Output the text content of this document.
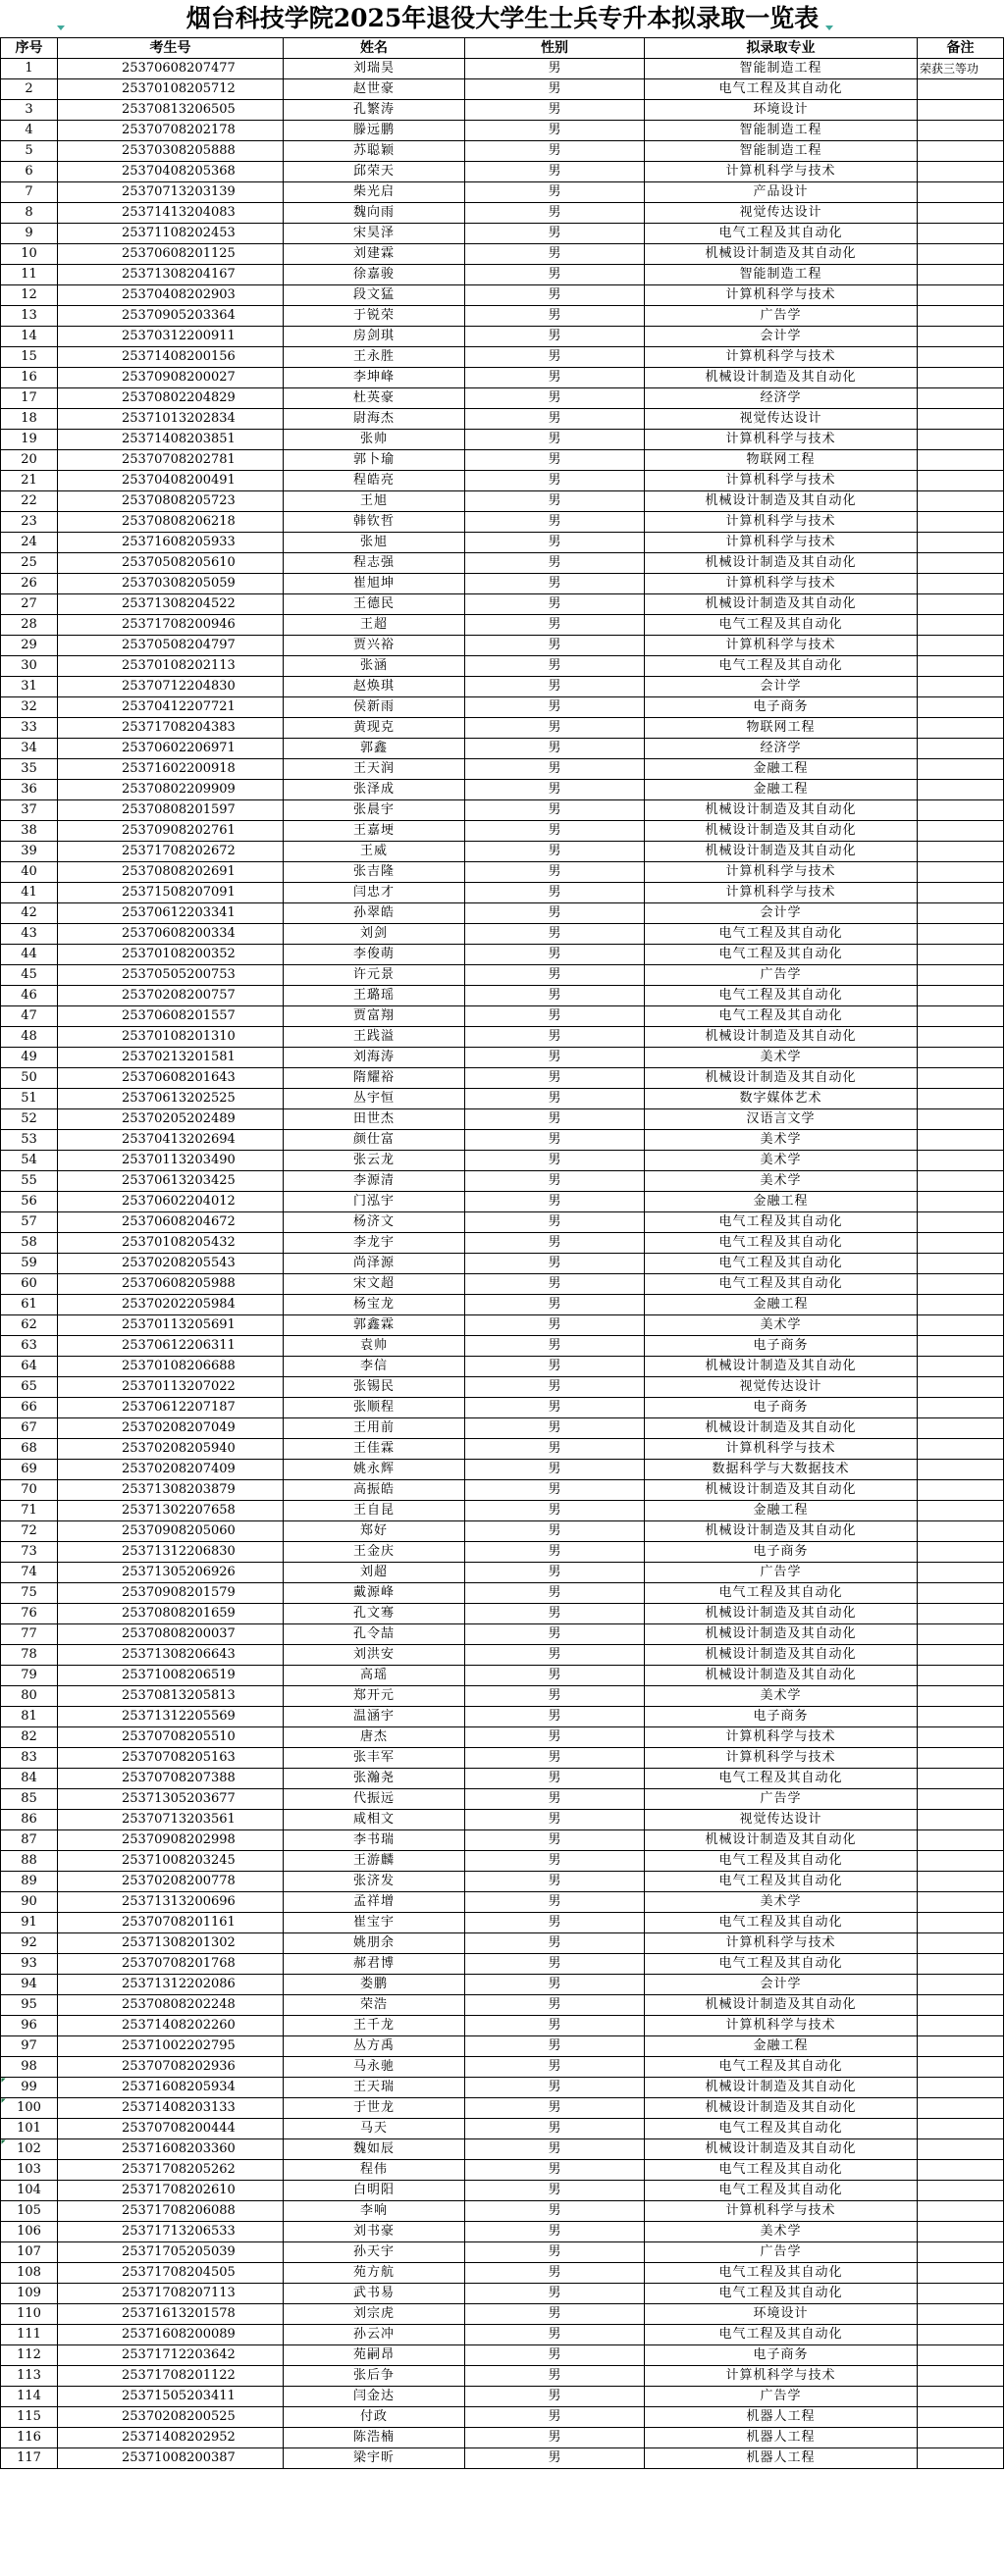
烟台科技学院2025年退役大学生士兵专升本拟录取一览表
序号	考生号	姓名	性别	拟录取专业	备注
1	25370608207477	刘瑞昊	男	智能制造工程	荣获三等功
2	25370108205712	赵世豪	男	电气工程及其自动化	
3	25370813206505	孔繁涛	男	环境设计	
4	25370708202178	滕远鹏	男	智能制造工程	
5	25370308205888	苏聪颖	男	智能制造工程	
6	25370408205368	邱荣天	男	计算机科学与技术	
7	25370713203139	柴光启	男	产品设计	
8	25371413204083	魏向雨	男	视觉传达设计	
9	25371108202453	宋昊泽	男	电气工程及其自动化	
10	25370608201125	刘建霖	男	机械设计制造及其自动化	
11	25371308204167	徐嘉骏	男	智能制造工程	
12	25370408202903	段文猛	男	计算机科学与技术	
13	25370905203364	于锐荣	男	广告学	
14	25370312200911	房剑琪	男	会计学	
15	25371408200156	王永胜	男	计算机科学与技术	
16	25370908200027	李坤峰	男	机械设计制造及其自动化	
17	25370802204829	杜英豪	男	经济学	
18	25371013202834	尉海杰	男	视觉传达设计	
19	25371408203851	张帅	男	计算机科学与技术	
20	25370708202781	郭卜瑜	男	物联网工程	
21	25370408200491	程皓亮	男	计算机科学与技术	
22	25370808205723	王旭	男	机械设计制造及其自动化	
23	25370808206218	韩钦哲	男	计算机科学与技术	
24	25371608205933	张旭	男	计算机科学与技术	
25	25370508205610	程志强	男	机械设计制造及其自动化	
26	25370308205059	崔旭坤	男	计算机科学与技术	
27	25371308204522	王德民	男	机械设计制造及其自动化	
28	25371708200946	王超	男	电气工程及其自动化	
29	25370508204797	贾兴裕	男	计算机科学与技术	
30	25370108202113	张涵	男	电气工程及其自动化	
31	25370712204830	赵焕琪	男	会计学	
32	25370412207721	侯新雨	男	电子商务	
33	25371708204383	黄现克	男	物联网工程	
34	25370602206971	郭鑫	男	经济学	
35	25371602200918	王天润	男	金融工程	
36	25370802209909	张泽成	男	金融工程	
37	25370808201597	张晨宇	男	机械设计制造及其自动化	
38	25370908202761	王嘉埂	男	机械设计制造及其自动化	
39	25371708202672	王威	男	机械设计制造及其自动化	
40	25370808202691	张吉隆	男	计算机科学与技术	
41	25371508207091	闫忠才	男	计算机科学与技术	
42	25370612203341	孙翠皓	男	会计学	
43	25370608200334	刘剑	男	电气工程及其自动化	
44	25370108200352	李俊萌	男	电气工程及其自动化	
45	25370505200753	许元景	男	广告学	
46	25370208200757	王璐瑶	男	电气工程及其自动化	
47	25370608201557	贾富翔	男	电气工程及其自动化	
48	25370108201310	王践溢	男	机械设计制造及其自动化	
49	25370213201581	刘海涛	男	美术学	
50	25370608201643	隋耀裕	男	机械设计制造及其自动化	
51	25370613202525	丛宇恒	男	数字媒体艺术	
52	25370205202489	田世杰	男	汉语言文学	
53	25370413202694	颜仕富	男	美术学	
54	25370113203490	张云龙	男	美术学	
55	25370613203425	李源清	男	美术学	
56	25370602204012	门泓宇	男	金融工程	
57	25370608204672	杨济文	男	电气工程及其自动化	
58	25370108205432	李龙宇	男	电气工程及其自动化	
59	25370208205543	尚泽源	男	电气工程及其自动化	
60	25370608205988	宋文超	男	电气工程及其自动化	
61	25370202205984	杨宝龙	男	金融工程	
62	25370113205691	郭鑫霖	男	美术学	
63	25370612206311	袁帅	男	电子商务	
64	25370108206688	李信	男	机械设计制造及其自动化	
65	25370113207022	张锡民	男	视觉传达设计	
66	25370612207187	张顺程	男	电子商务	
67	25370208207049	王用前	男	机械设计制造及其自动化	
68	25370208205940	王佳霖	男	计算机科学与技术	
69	25370208207409	姚永辉	男	数据科学与大数据技术	
70	25371308203879	高振皓	男	机械设计制造及其自动化	
71	25371302207658	王自昆	男	金融工程	
72	25370908205060	郑好	男	机械设计制造及其自动化	
73	25371312206830	王金庆	男	电子商务	
74	25371305206926	刘超	男	广告学	
75	25370908201579	戴源峰	男	电气工程及其自动化	
76	25370808201659	孔文骞	男	机械设计制造及其自动化	
77	25370808200037	孔令喆	男	机械设计制造及其自动化	
78	25371308206643	刘洪安	男	机械设计制造及其自动化	
79	25371008206519	高瑶	男	机械设计制造及其自动化	
80	25370813205813	郑开元	男	美术学	
81	25371312205569	温涵宇	男	电子商务	
82	25370708205510	唐杰	男	计算机科学与技术	
83	25370708205163	张丰军	男	计算机科学与技术	
84	25370708207388	张瀚尧	男	电气工程及其自动化	
85	25371305203677	代振远	男	广告学	
86	25370713203561	咸相文	男	视觉传达设计	
87	25370908202998	李书瑞	男	机械设计制造及其自动化	
88	25371008203245	王游麟	男	电气工程及其自动化	
89	25370208200778	张济发	男	电气工程及其自动化	
90	25371313200696	孟祥增	男	美术学	
91	25370708201161	崔宝宇	男	电气工程及其自动化	
92	25371308201302	姚朋余	男	计算机科学与技术	
93	25370708201768	郝君博	男	电气工程及其自动化	
94	25371312202086	娄鹏	男	会计学	
95	25370808202248	荣浩	男	机械设计制造及其自动化	
96	25371408202260	王千龙	男	计算机科学与技术	
97	25371002202795	丛方禹	男	金融工程	
98	25370708202936	马永驰	男	电气工程及其自动化	
99	25371608205934	王天瑞	男	机械设计制造及其自动化	
100	25371408203133	于世龙	男	机械设计制造及其自动化	
101	25370708200444	马天	男	电气工程及其自动化	
102	25371608203360	魏如辰	男	机械设计制造及其自动化	
103	25371708205262	程伟	男	电气工程及其自动化	
104	25371708202610	白明阳	男	电气工程及其自动化	
105	25371708206088	李响	男	计算机科学与技术	
106	25371713206533	刘书豪	男	美术学	
107	25371705205039	孙天宇	男	广告学	
108	25371708204505	苑方航	男	电气工程及其自动化	
109	25371708207113	武书易	男	电气工程及其自动化	
110	25371613201578	刘宗虎	男	环境设计	
111	25371608200089	孙云冲	男	电气工程及其自动化	
112	25371712203642	苑嗣昂	男	电子商务	
113	25371708201122	张后争	男	计算机科学与技术	
114	25371505203411	闫金达	男	广告学	
115	25370208200525	付政	男	机器人工程	
116	25371408202952	陈浩楠	男	机器人工程	
117	25371008200387	梁宇昕	男	机器人工程	
